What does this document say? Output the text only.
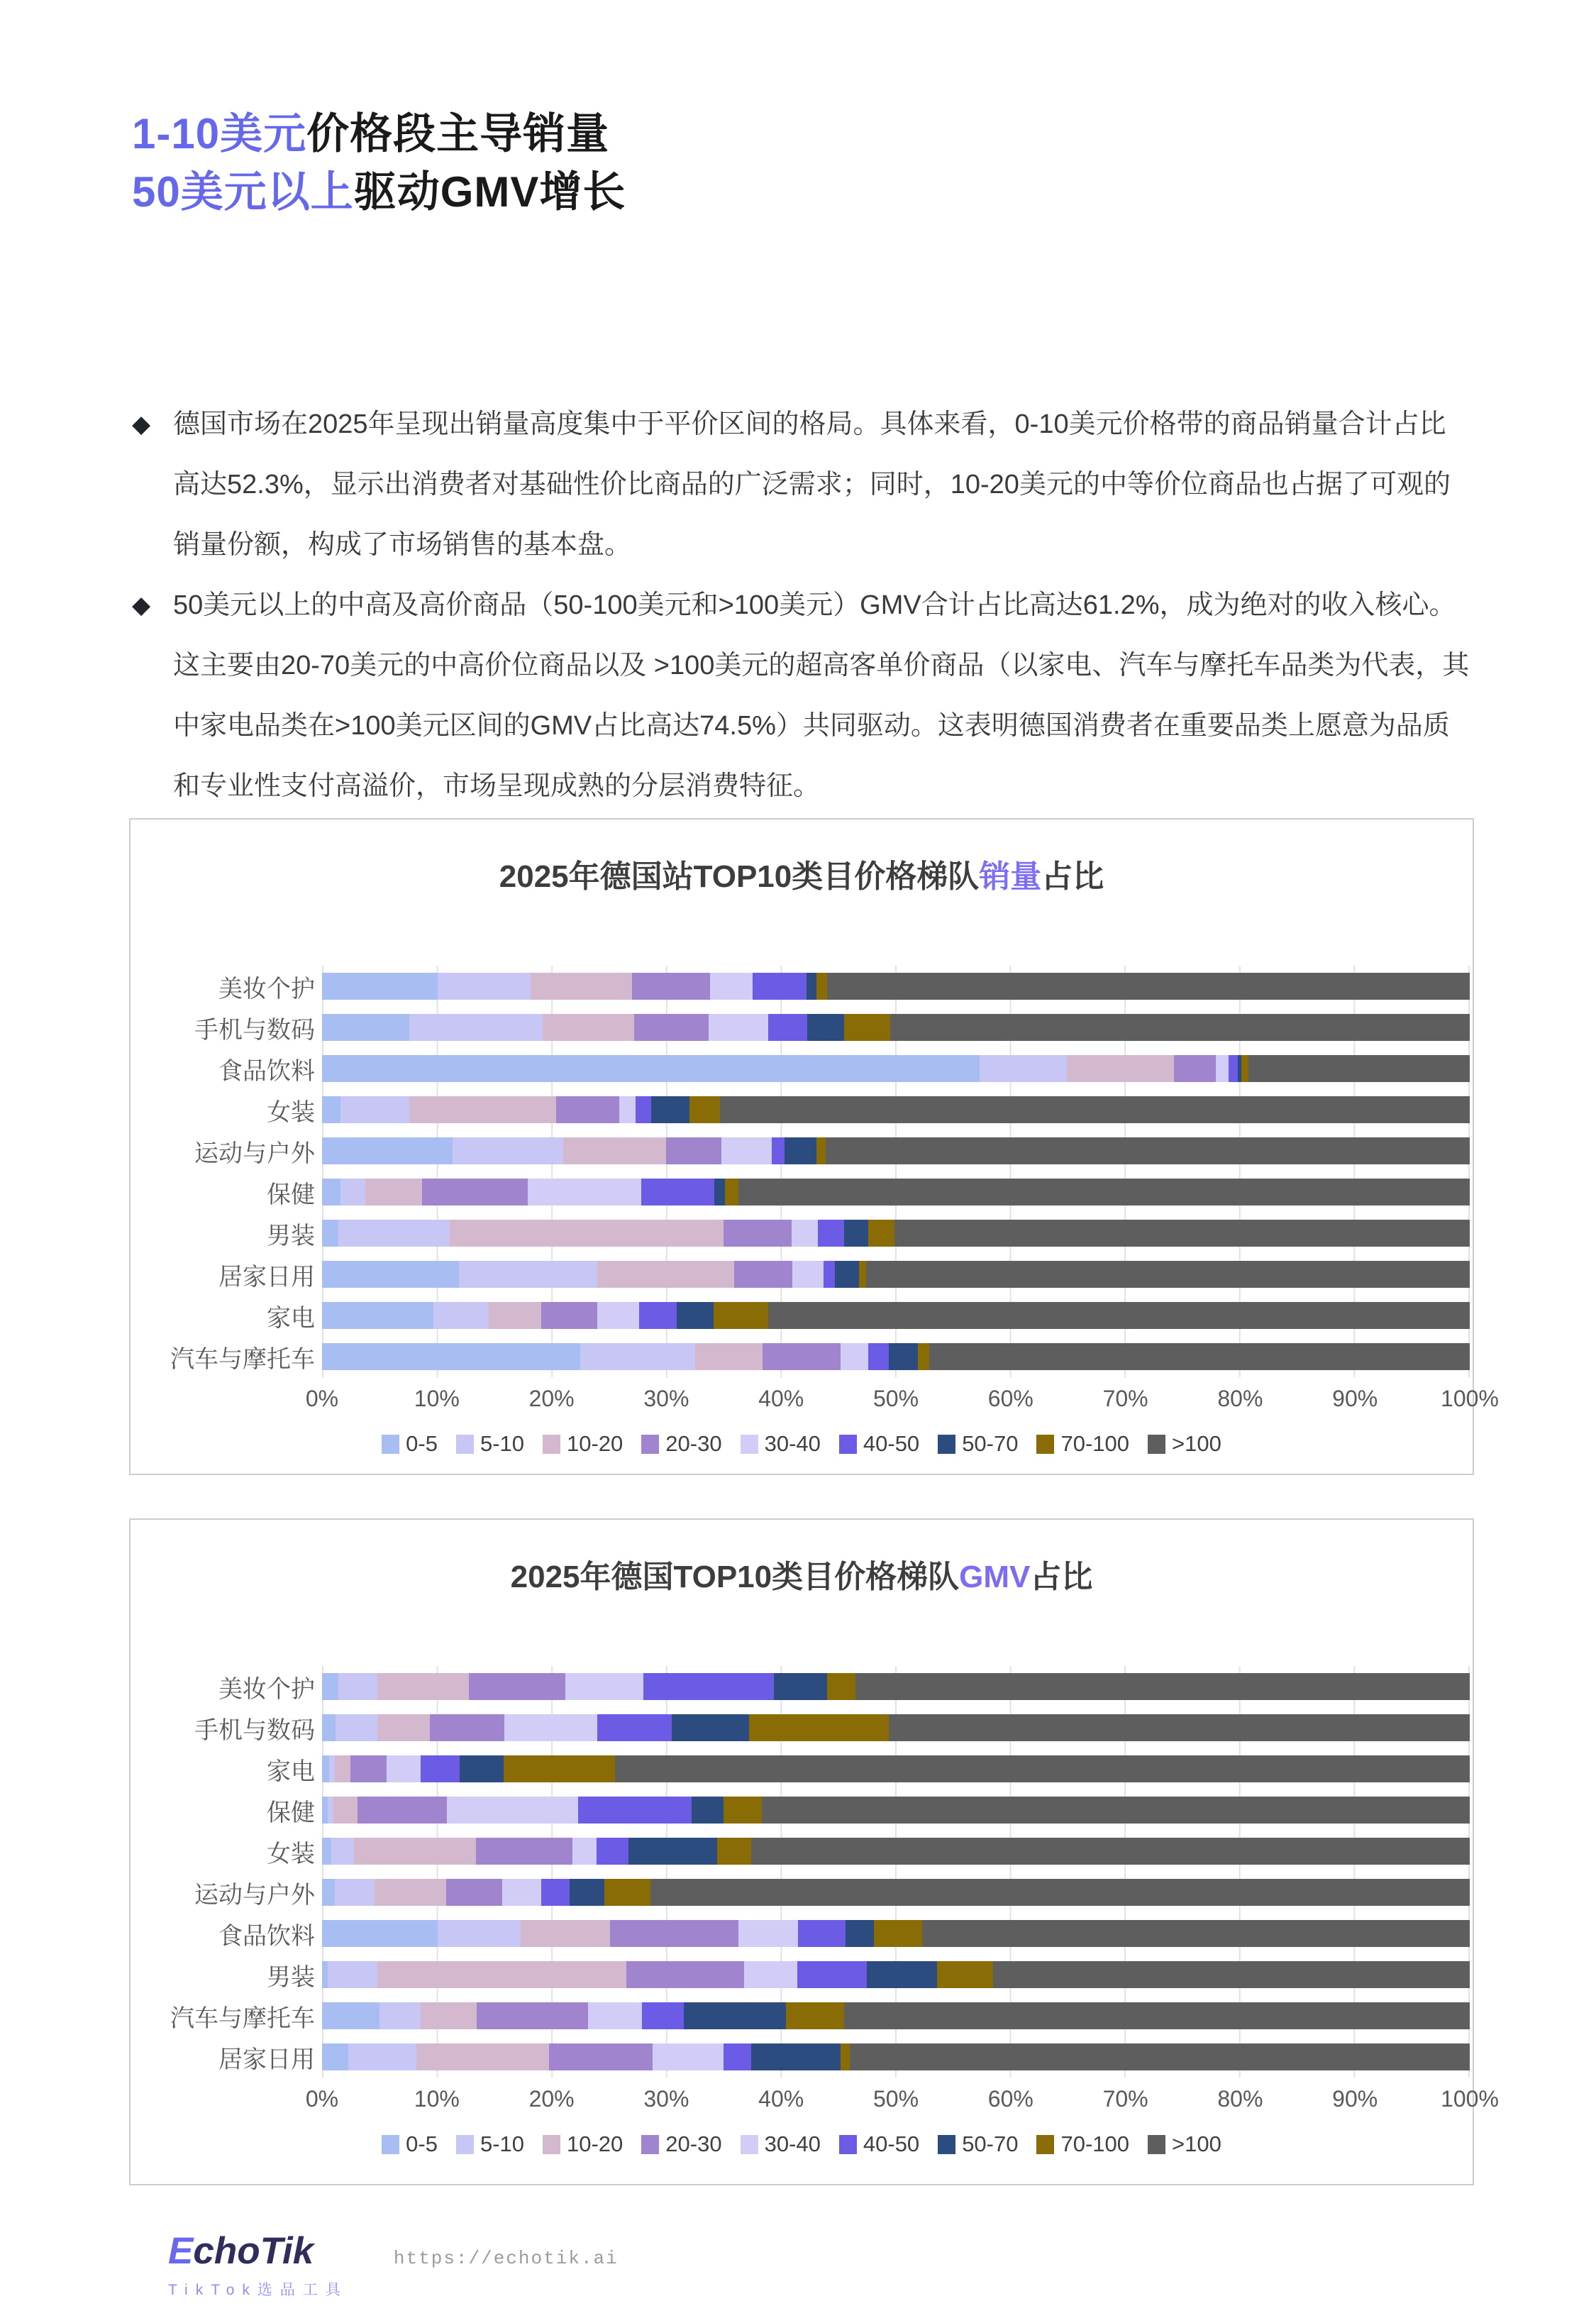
1-10美元价格段主导销量
50美元以上驱动GMV增长
◆ 德国市场在2025年呈现出销量高度集中于平价区间的格局。具体来看，0-10美元价格带的商品销量合计占比高达52.3%，显示出消费者对基础性价比商品的广泛需求；同时，10-20美元的中等价位商品也占据了可观的销量份额，构成了市场销售的基本盘。
◆ 50美元以上的中高及高价商品（50-100美元和>100美元）GMV合计占比高达61.2%，成为绝对的收入核心。这主要由20-70美元的中高价位商品以及 >100美元的超高客单价商品（以家电、汽车与摩托车品类为代表，其中家电品类在>100美元区间的GMV占比高达74.5%）共同驱动。这表明德国消费者在重要品类上愿意为品质和专业性支付高溢价，市场呈现成熟的分层消费特征。
2025年德国站TOP10类目价格梯队销量占比
美妆个护
手机与数码
食品饮料
女装
运动与户外
保健
男装
居家日用
家电
汽车与摩托车
0%	10%	20%	30%	40%	50%	60%	70%	80%	90%	100%
0-5 5-10 10-20 20-30 30-40 40-50 50-70 70-100 >100
2025年德国TOP10类目价格梯队GMV占比
美妆个护
手机与数码
家电
保健
女装
运动与户外
食品饮料
男装
汽车与摩托车
居家日用
0%	10%	20%	30%	40%	50%	60%	70%	80%	90%	100%
0-5 5-10 10-20 20-30 30-40 40-50 50-70 70-100 >100
EchoTik
TikTok选品工具
https://echotik.ai
